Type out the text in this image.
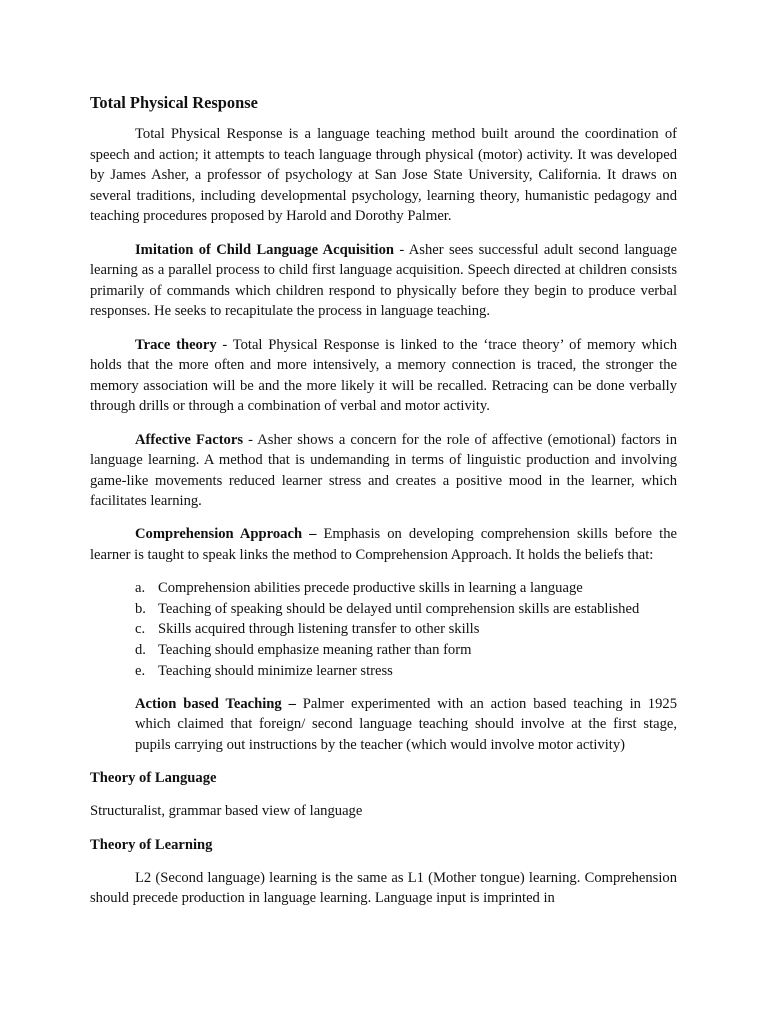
Total Physical Response

Total Physical Response is a language teaching method built around the coordination of speech and action; it attempts to teach language through physical (motor) activity. It was developed by James Asher, a professor of psychology at San Jose State University, California. It draws on several traditions, including developmental psychology, learning theory, humanistic pedagogy and teaching procedures proposed by Harold and Dorothy Palmer.

Imitation of Child Language Acquisition - Asher sees successful adult second language learning as a parallel process to child first language acquisition. Speech directed at children consists primarily of commands which children respond to physically before they begin to produce verbal responses. He seeks to recapitulate the process in language teaching.

Trace theory - Total Physical Response is linked to the ‘trace theory’ of memory which holds that the more often and more intensively, a memory connection is traced, the stronger the memory association will be and the more likely it will be recalled. Retracing can be done verbally through drills or through a combination of verbal and motor activity.

Affective Factors - Asher shows a concern for the role of affective (emotional) factors in language learning. A method that is undemanding in terms of linguistic production and involving game-like movements reduced learner stress and creates a positive mood in the learner, which facilitates learning.

Comprehension Approach – Emphasis on developing comprehension skills before the learner is taught to speak links the method to Comprehension Approach. It holds the beliefs that:

a. Comprehension abilities precede productive skills in learning a language
b. Teaching of speaking should be delayed until comprehension skills are established
c. Skills acquired through listening transfer to other skills
d. Teaching should emphasize meaning rather than form
e. Teaching should minimize learner stress

Action based Teaching – Palmer experimented with an action based teaching in 1925 which claimed that foreign/ second language teaching should involve at the first stage, pupils carrying out instructions by the teacher (which would involve motor activity)

Theory of Language

Structuralist, grammar based view of language

Theory of Learning

L2 (Second language) learning is the same as L1 (Mother tongue) learning. Comprehension should precede production in language learning. Language input is imprinted in
